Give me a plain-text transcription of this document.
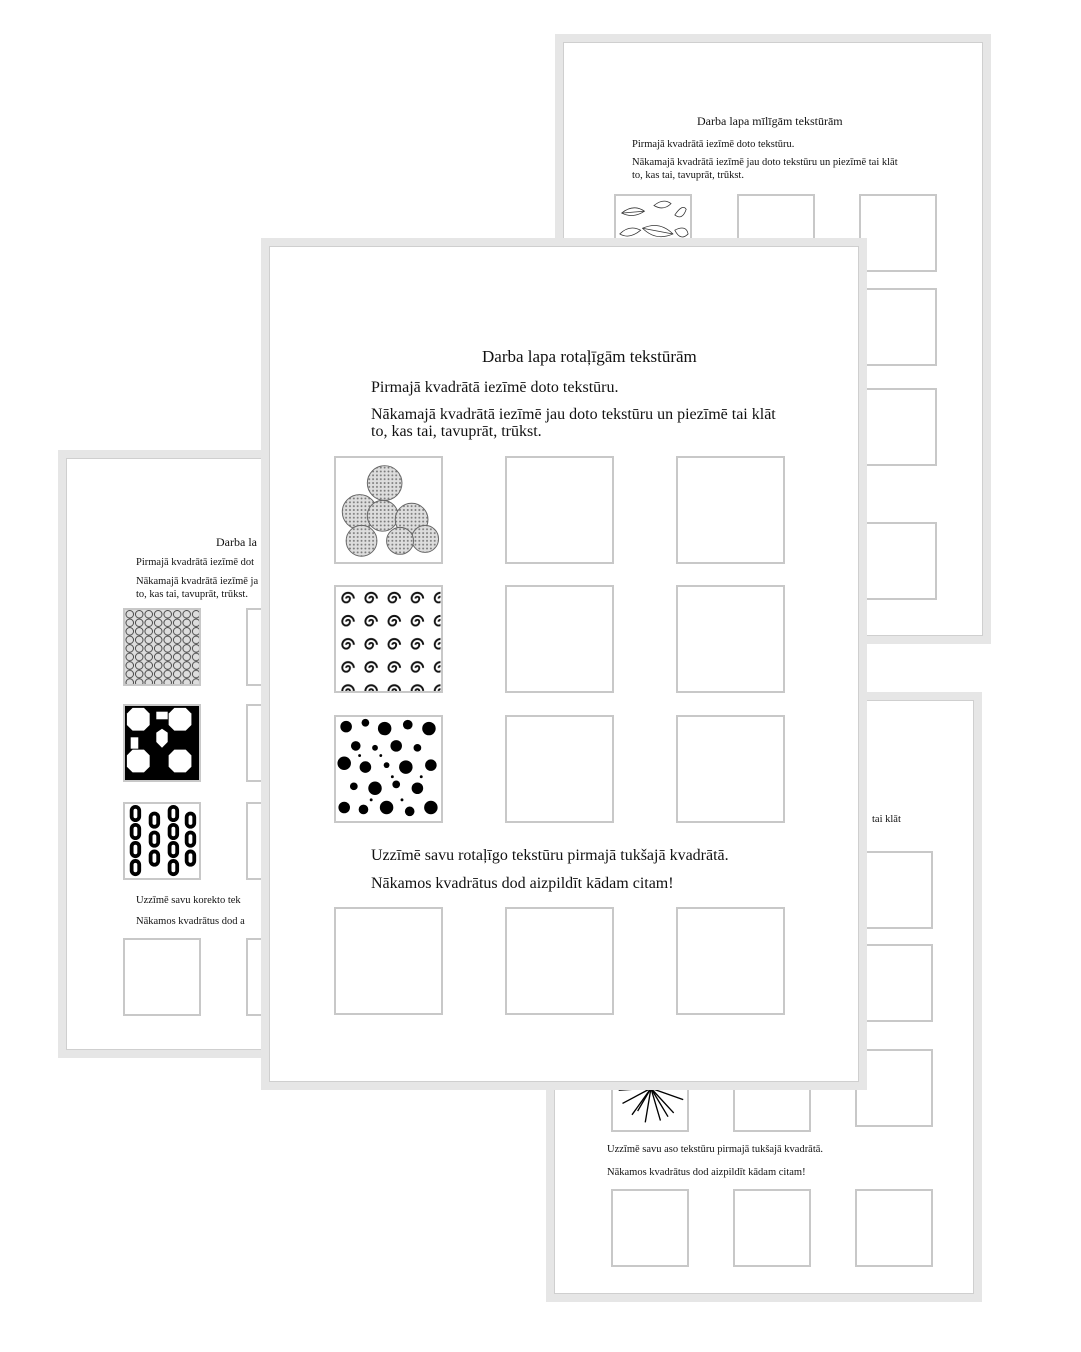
Darba lapa mīlīgām tekstūrām
Pirmajā kvadrātā iezīmē doto tekstūru.
Nākamajā kvadrātā iezīmē jau doto tekstūru un piezīmē tai klāt
to, kas tai, tavuprāt, trūkst.
Darba la
Pirmajā kvadrātā iezīmē dot
Nākamajā kvadrātā iezīmē ja
to, kas tai, tavuprāt, trūkst.
Uzzīmē savu korekto tek
Nākamos kvadrātus dod a
tai klāt
Uzzīmē savu aso tekstūru pirmajā tukšajā kvadrātā.
Nākamos kvadrātus dod aizpildīt kādam citam!
Darba lapa rotaļīgām tekstūrām
Pirmajā kvadrātā iezīmē doto tekstūru.
Nākamajā kvadrātā iezīmē jau doto tekstūru un piezīmē tai klāt
to, kas tai, tavuprāt, trūkst.
Uzzīmē savu rotaļīgo tekstūru pirmajā tukšajā kvadrātā.
Nākamos kvadrātus dod aizpildīt kādam citam!
